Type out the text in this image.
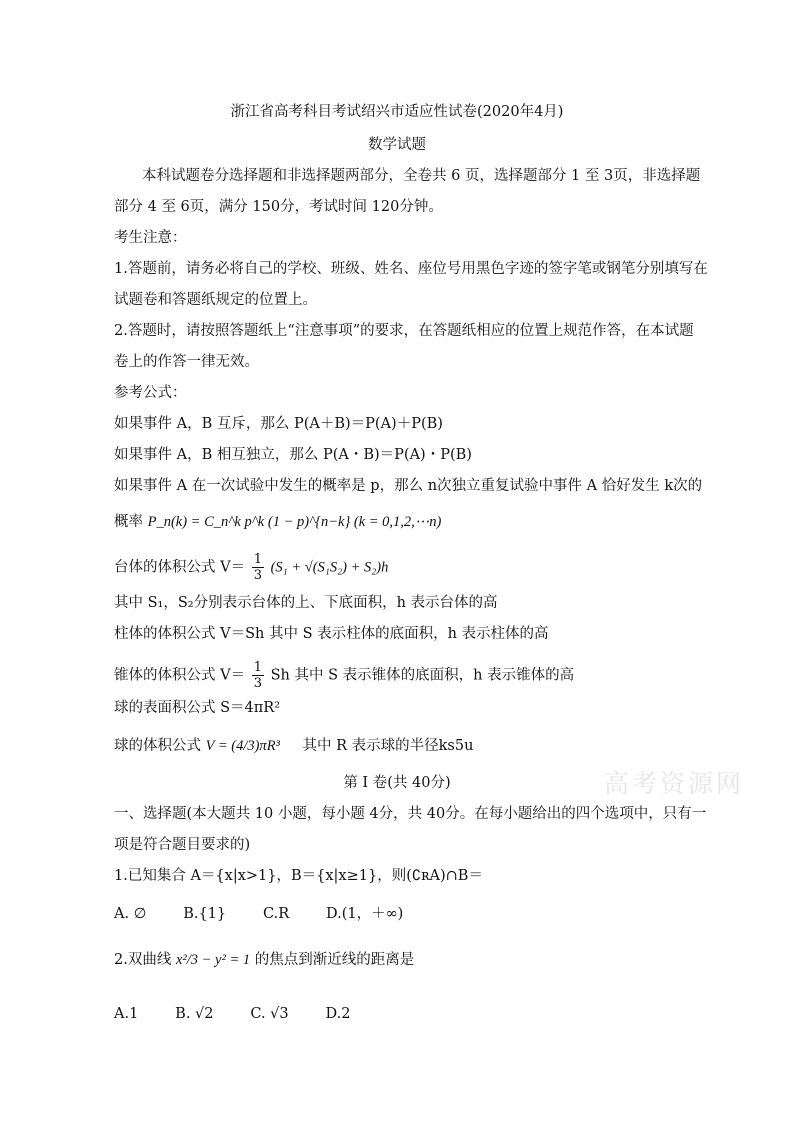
浙江省高考科目考试绍兴市适应性试卷(2020年4月)
数学试题
本科试题卷分选择题和非选择题两部分，全卷共 6 页，选择题部分 1 至 3页，非选择题
部分 4 至 6页，满分 150分，考试时间 120分钟。
考生注意：
1.答题前，请务必将自己的学校、班级、姓名、座位号用黑色字迹的签字笔或钢笔分别填写在
试题卷和答题纸规定的位置上。
2.答题时，请按照答题纸上“注意事项”的要求，在答题纸相应的位置上规范作答，在本试题
卷上的作答一律无效。
参考公式：
如果事件 A，B 互斥，那么 P(A＋B)＝P(A)＋P(B)
如果事件 A，B 相互独立，那么 P(A・B)＝P(A)・P(B)
如果事件 A 在一次试验中发生的概率是 p，那么 n次独立重复试验中事件 A 恰好发生 k次的
概率 P_n(k) = C_n^k p^k (1 − p)^{n−k} (k = 0,1,2,⋯n)
台体的体积公式 $V= \frac{1}{3} (S_1 + √(S_1S_2) + S_2)h$
其中 S₁，S₂分别表示台体的上、下底面积，h 表示台体的高
柱体的体积公式 V＝Sh 其中 S 表示柱体的底面积，h 表示柱体的高
锥体的体积公式 $V= \frac{1}{3}$ Sh 其中 S 表示锥体的底面积，h 表示锥体的高
球的表面积公式 S＝4πR²
球的体积公式 V = (4/3)πR³ 其中 R 表示球的半径ks5u
第 I 卷(共 40分)	高考资源网
一、选择题(本大题共 10 小题，每小题 4分，共 40分。在每小题给出的四个选项中，只有一
项是符合题目要求的)
1.已知集合 A＝{x|x>1}，B＝{x|x≥1}，则(∁ʀA)∩B＝
A. ∅        B.{1}        C.R        D.(1，＋∞)
2.双曲线 x²/3 − y² = 1 的焦点到渐近线的距离是
A.1        B. √2        C. √3        D.2
